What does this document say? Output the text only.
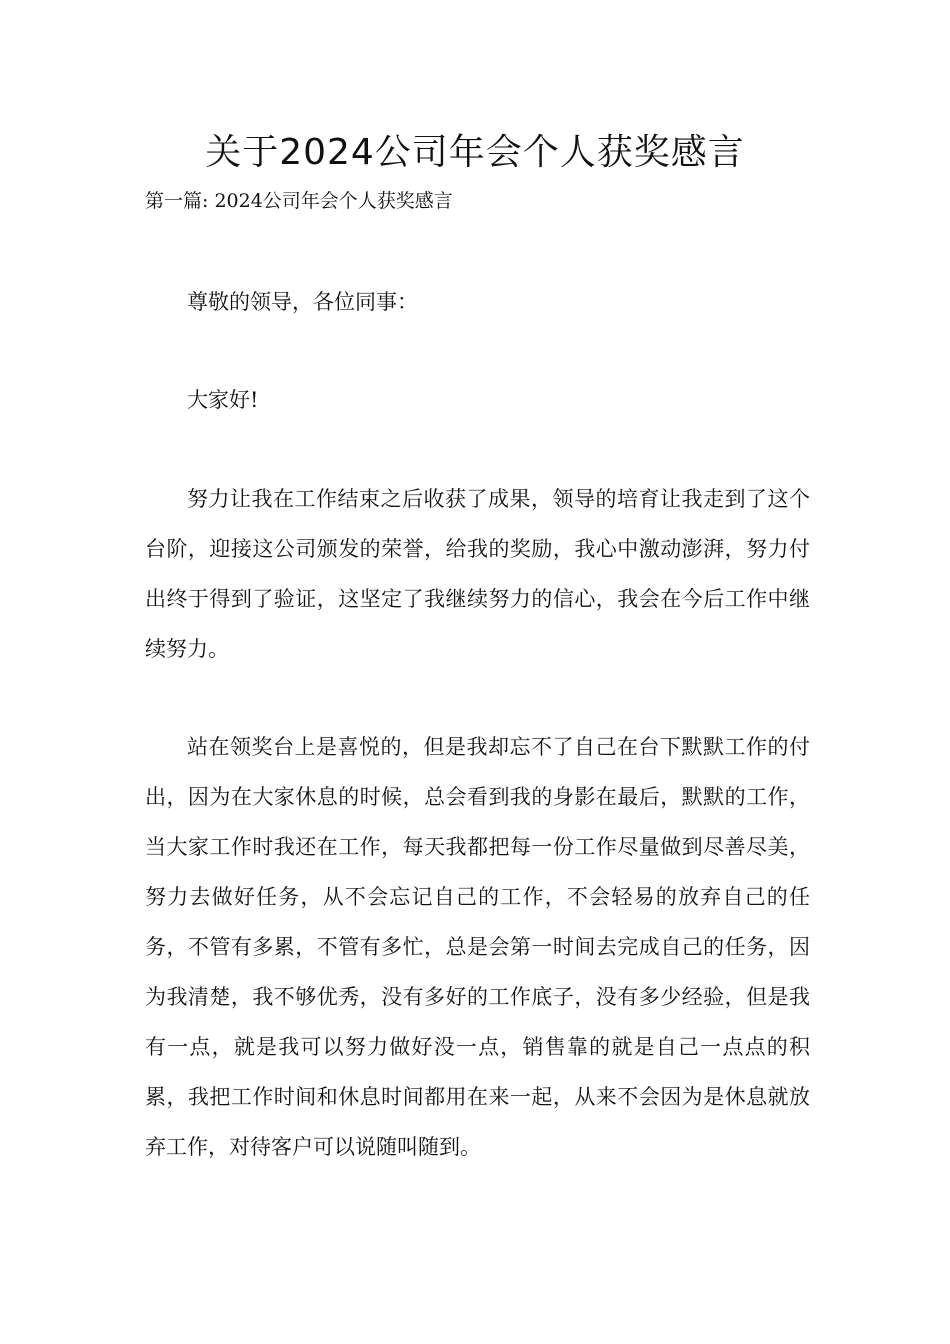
关于2024公司年会个人获奖感言

第一篇: 2024公司年会个人获奖感言

尊敬的领导，各位同事：

大家好!

努力让我在工作结束之后收获了成果，领导的培育让我走到了这个台阶，迎接这公司颁发的荣誉，给我的奖励，我心中激动澎湃，努力付出终于得到了验证，这坚定了我继续努力的信心，我会在今后工作中继续努力。

站在领奖台上是喜悦的，但是我却忘不了自己在台下默默工作的付出，因为在大家休息的时候，总会看到我的身影在最后，默默的工作，当大家工作时我还在工作，每天我都把每一份工作尽量做到尽善尽美，努力去做好任务，从不会忘记自己的工作，不会轻易的放弃自己的任务，不管有多累，不管有多忙，总是会第一时间去完成自己的任务，因为我清楚，我不够优秀，没有多好的工作底子，没有多少经验，但是我有一点，就是我可以努力做好没一点，销售靠的就是自己一点点的积累，我把工作时间和休息时间都用在来一起，从来不会因为是休息就放弃工作，对待客户可以说随叫随到。
